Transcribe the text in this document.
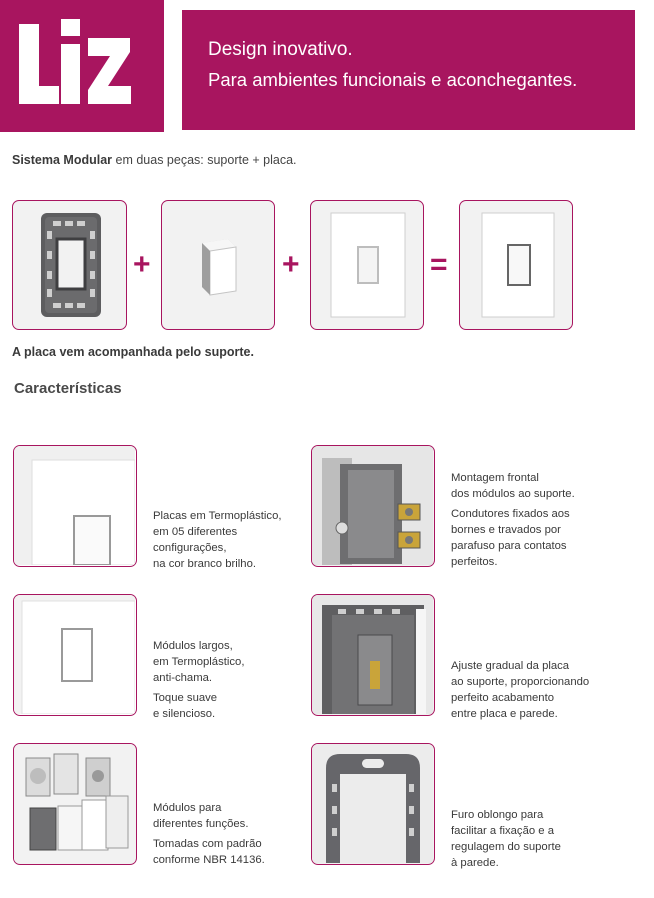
Design inovativo.
Para ambientes funcionais e aconchegantes.
Sistema Modular em duas peças: suporte + placa.
+	+	=
A placa vem acompanhada pelo suporte.
Características

Placas em Termoplástico,
em 05 diferentes
configurações,
na cor branco brilho.

Montagem frontal
dos módulos ao suporte.

Condutores fixados aos
bornes e travados por
parafuso para contatos
perfeitos.

Módulos largos,
em Termoplástico,
anti-chama.

Toque suave
e silencioso.

Ajuste gradual da placa
ao suporte, proporcionando
perfeito acabamento
entre placa e parede.

Módulos para
diferentes funções.

Tomadas com padrão
conforme NBR 14136.

Furo oblongo para
facilitar a fixação e a
regulagem do suporte
à parede.
